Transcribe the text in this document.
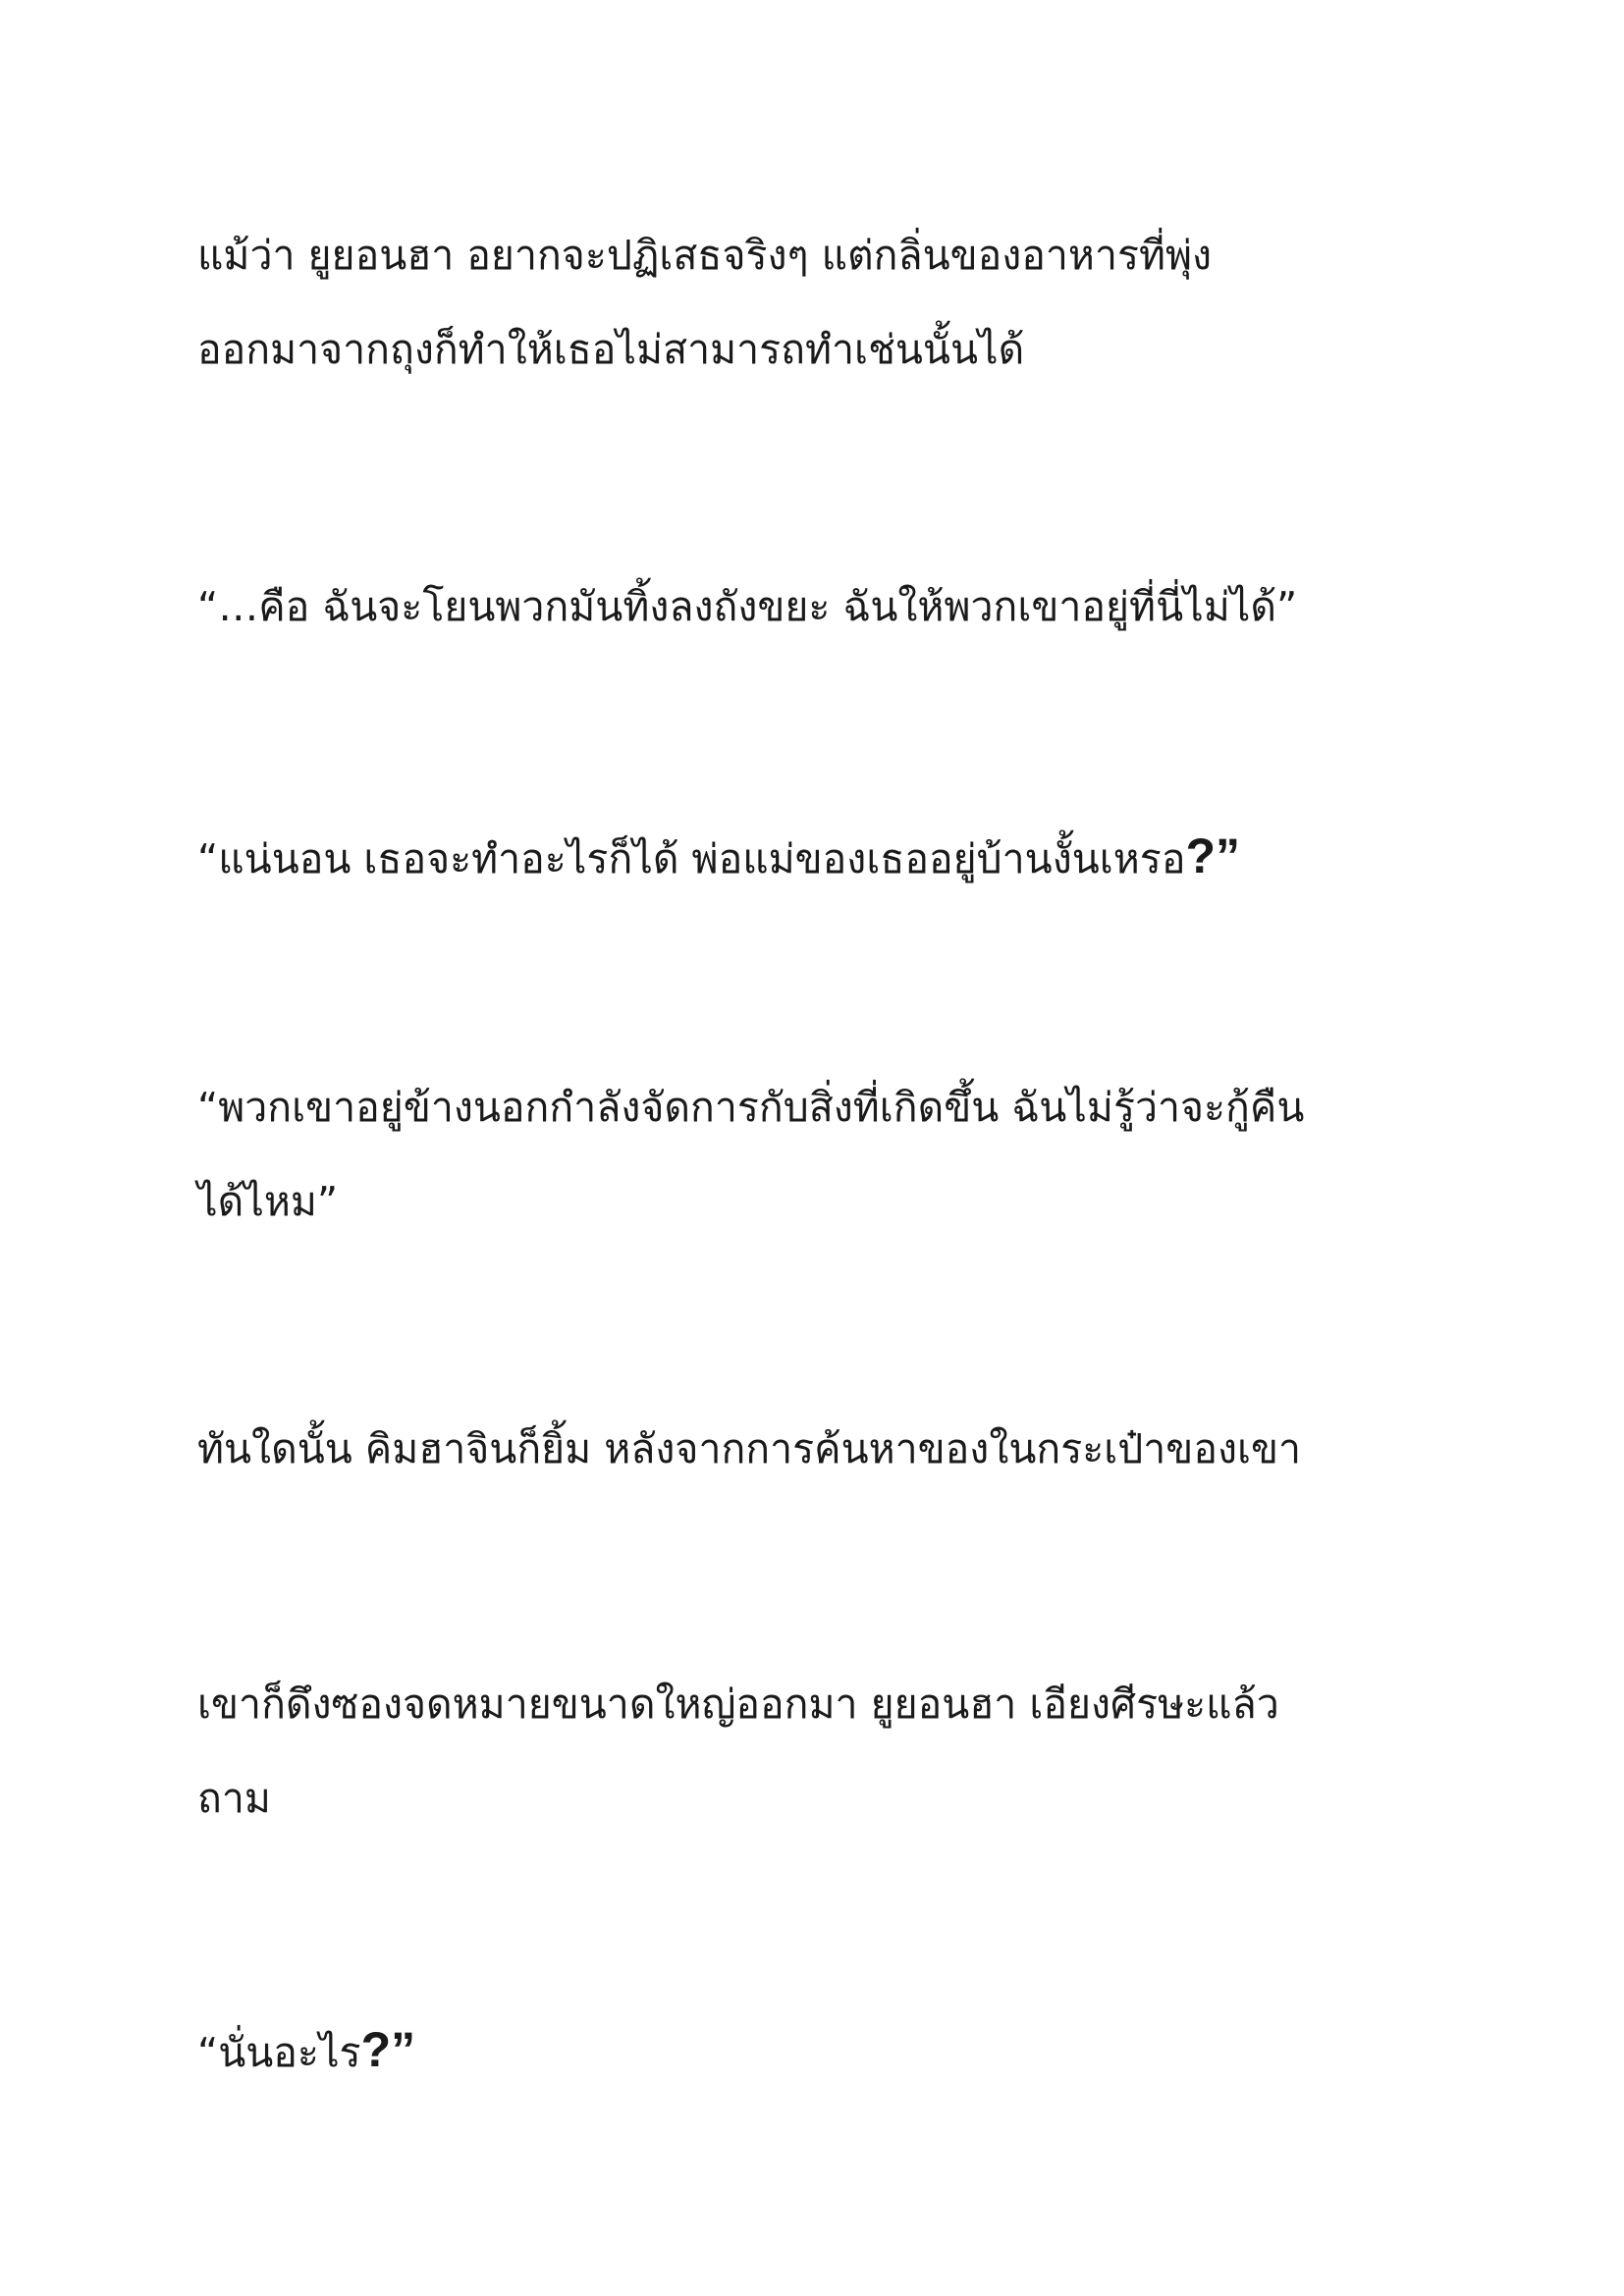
แม้ว่า ยูยอนฮา อยากจะปฏิเสธจริงๆ แต่กลิ่นของอาหารที่พุ่ง
ออกมาจากถุงก็ทำให้เธอไม่สามารถทำเช่นนั้นได้
“…คือ ฉันจะโยนพวกมันทิ้งลงถังขยะ ฉันให้พวกเขาอยู่ที่นี่ไม่ได้”
“แน่นอน เธอจะทำอะไรก็ได้ พ่อแม่ของเธออยู่บ้านงั้นเหรอ?”
“พวกเขาอยู่ข้างนอกกำลังจัดการกับสิ่งที่เกิดขึ้น ฉันไม่รู้ว่าจะกู้คืน
ได้ไหม”
ทันใดนั้น คิมฮาจินก็ยิ้ม หลังจากการค้นหาของในกระเป๋าของเขา
เขาก็ดึงซองจดหมายขนาดใหญ่ออกมา ยูยอนฮา เอียงศีรษะแล้ว
ถาม
“นั่นอะไร?”
